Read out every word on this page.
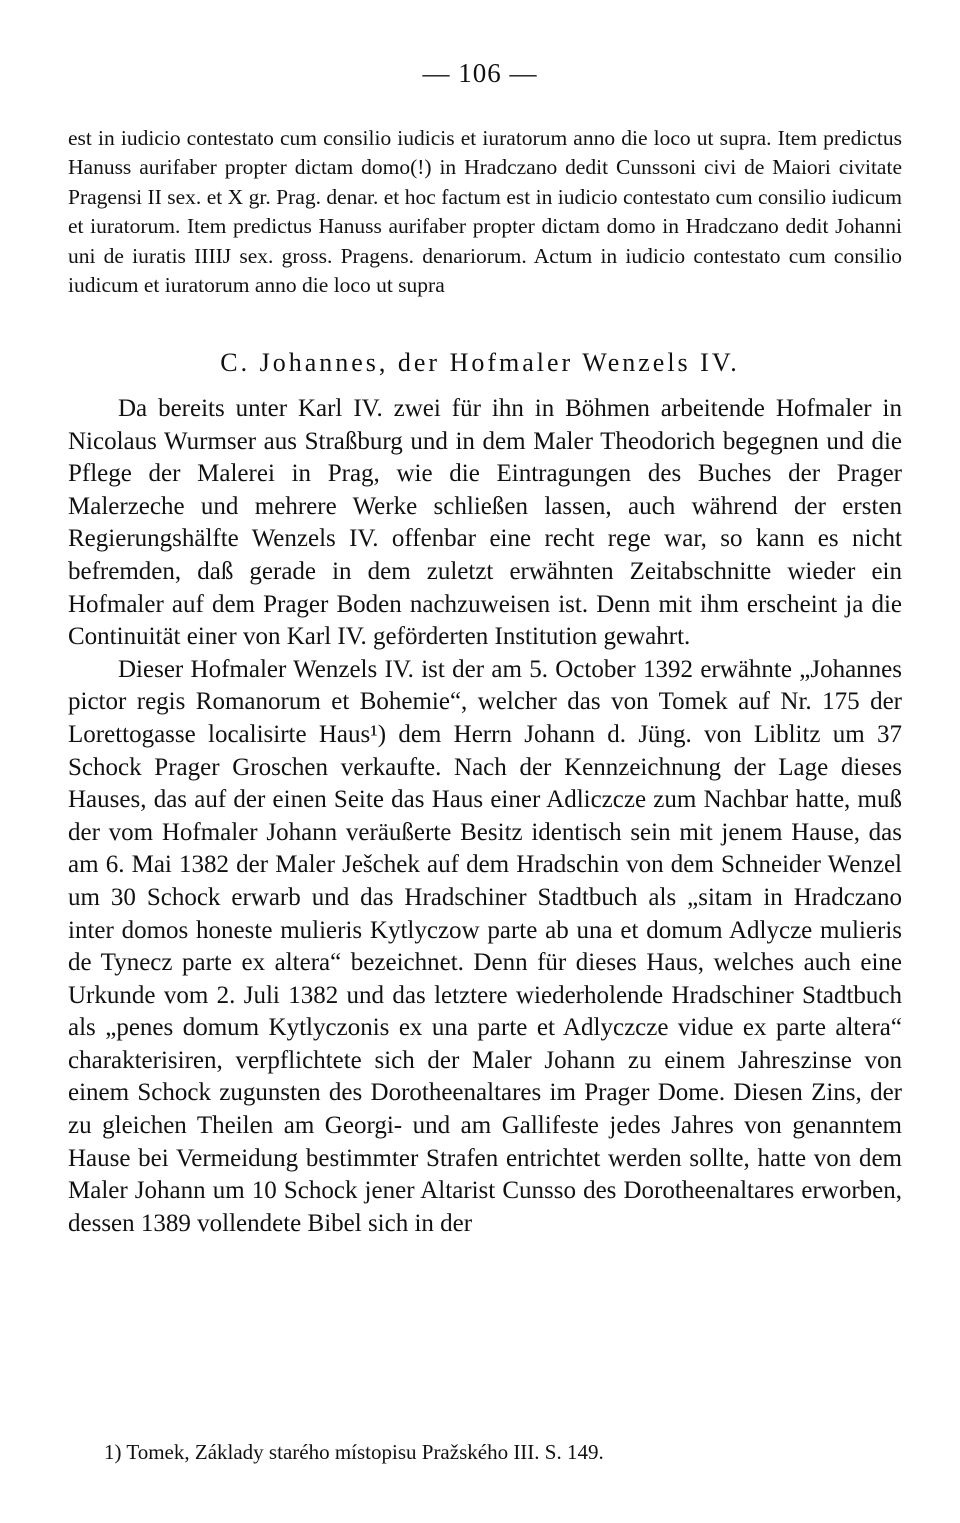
— 106 —
est in iudicio contestato cum consilio iudicis et iuratorum anno die loco ut supra. Item predictus Hanuss aurifaber propter dictam domo(!) in Hradczano dedit Cunssoni civi de Maiori civitate Pragensi II sex. et X gr. Prag. denar. et hoc factum est in iudicio contestato cum consilio iudicum et iuratorum. Item predictus Hanuss aurifaber propter dictam domo in Hradczano dedit Johanni uni de iuratis IIIIJ sex. gross. Pragens. denariorum. Actum in iudicio contestato cum consilio iudicum et iuratorum anno die loco ut supra
C. Johannes, der Hofmaler Wenzels IV.

Da bereits unter Karl IV. zwei für ihn in Böhmen arbeitende Hofmaler in Nicolaus Wurmser aus Straßburg und in dem Maler Theodorich begegnen und die Pflege der Malerei in Prag, wie die Eintragungen des Buches der Prager Malerzeche und mehrere Werke schließen lassen, auch während der ersten Regierungshälfte Wenzels IV. offenbar eine recht rege war, so kann es nicht befremden, daß gerade in dem zuletzt erwähnten Zeitabschnitte wieder ein Hofmaler auf dem Prager Boden nachzuweisen ist. Denn mit ihm erscheint ja die Continuität einer von Karl IV. geförderten Institution gewahrt.

Dieser Hofmaler Wenzels IV. ist der am 5. October 1392 erwähnte „Johannes pictor regis Romanorum et Bohemie“, welcher das von Tomek auf Nr. 175 der Lorettogasse localisirte Haus¹) dem Herrn Johann d. Jüng. von Liblitz um 37 Schock Prager Groschen verkaufte. Nach der Kennzeichnung der Lage dieses Hauses, das auf der einen Seite das Haus einer Adliczcze zum Nachbar hatte, muß der vom Hofmaler Johann veräußerte Besitz identisch sein mit jenem Hause, das am 6. Mai 1382 der Maler Ješchek auf dem Hradschin von dem Schneider Wenzel um 30 Schock erwarb und das Hradschiner Stadtbuch als „sitam in Hradczano inter domos honeste mulieris Kytlyczow parte ab una et domum Adlycze mulieris de Tynecz parte ex altera“ bezeichnet. Denn für dieses Haus, welches auch eine Urkunde vom 2. Juli 1382 und das letztere wiederholende Hradschiner Stadtbuch als „penes domum Kytlyczonis ex una parte et Adlyczcze vidue ex parte altera“ charakterisiren, verpflichtete sich der Maler Johann zu einem Jahreszinse von einem Schock zugunsten des Dorotheenaltares im Prager Dome. Diesen Zins, der zu gleichen Theilen am Georgi- und am Gallifeste jedes Jahres von genanntem Hause bei Vermeidung bestimmter Strafen entrichtet werden sollte, hatte von dem Maler Johann um 10 Schock jener Altarist Cunsso des Dorotheenaltares erworben, dessen 1389 vollendete Bibel sich in der

1) Tomek, Základy starého místopisu Pražského III. S. 149.
